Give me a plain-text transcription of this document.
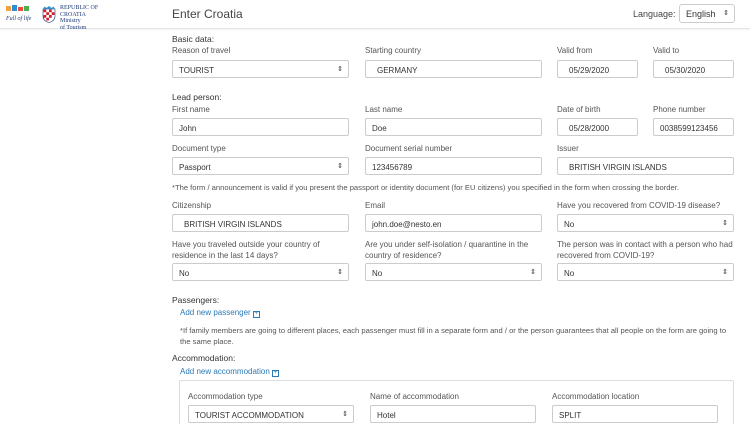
Full of life
REPUBLIC OF CROATIA
Ministry
of Tourism
Enter Croatia	Language:	English ⇕
Basic data:
Reason of travel
TOURIST	⇕
Starting country
GERMANY
Valid from
05/29/2020
Valid to
05/30/2020
Lead person:
First name
John
Last name
Doe
Date of birth
05/28/2000
Phone number
0038599123456
Document type
Passport	⇕
Document serial number
123456789
Issuer
BRITISH VIRGIN ISLANDS
*The form / announcement is valid if you present the passport or identity document (for EU citizens) you specified in the form when crossing the border.
Citizenship
BRITISH VIRGIN ISLANDS
Email
john.doe@nesto.en
Have you recovered from COVID-19 disease?
No	⇕
Have you traveled outside your country of residence in the last 14 days?
No	⇕
Are you under self-isolation / quarantine in the country of residence?
No	⇕
The person was in contact with a person who had recovered from COVID-19?
No	⇕
Passengers:
Add new passenger +
*If family members are going to different places, each passenger must fill in a separate form and / or the person guarantees that all people on the form are going to the same place.
Accommodation:
Add new accommodation +
Accommodation type
TOURIST ACCOMMODATION	⇕
Name of accommodation
Hotel
Accommodation location
SPLIT
